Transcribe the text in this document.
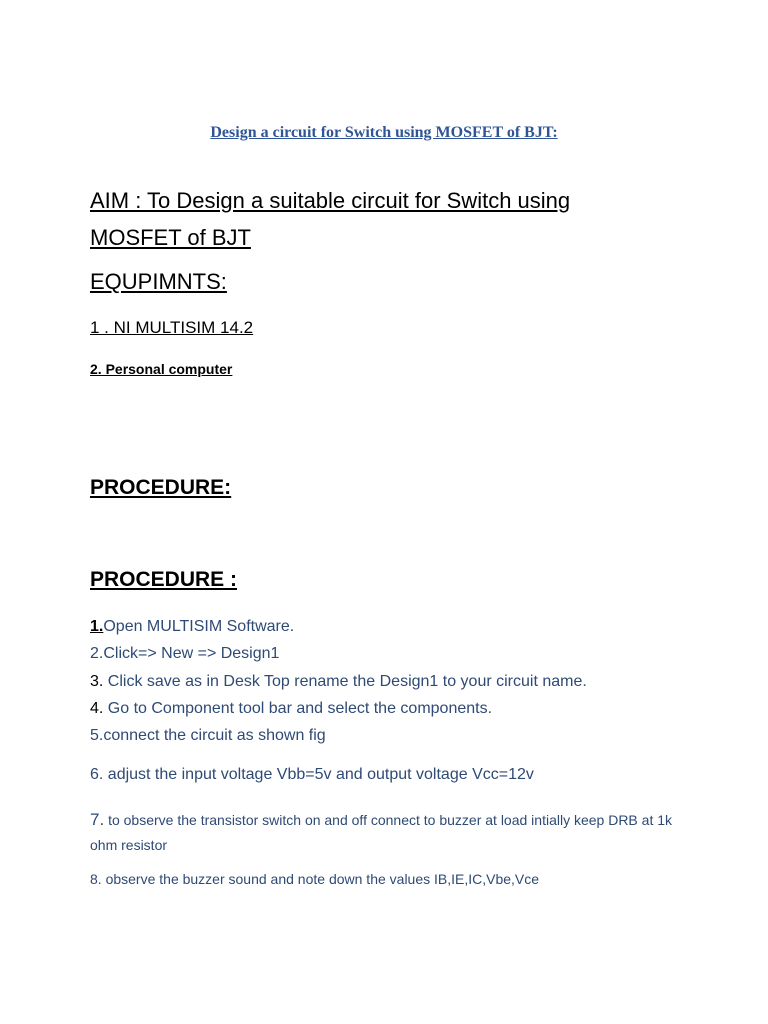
Design a circuit for Switch using MOSFET of BJT:

AIM : To Design a suitable circuit for Switch using MOSFET of BJT

EQUPIMNTS:

1 . NI MULTISIM 14.2

2. Personal computer

PROCEDURE:

PROCEDURE :

1.Open MULTISIM Software.

2.Click=> New => Design1

3. Click save as in Desk Top rename the Design1 to your circuit name.

4. Go to Component tool bar and select the components.

5.connect the circuit as shown fig

6. adjust the input voltage Vbb=5v and output voltage Vcc=12v

7. to observe the transistor switch on and off connect to buzzer at load intially keep DRB at 1k ohm resistor

8. observe the buzzer sound and note down the values IB,IE,IC,Vbe,Vce
